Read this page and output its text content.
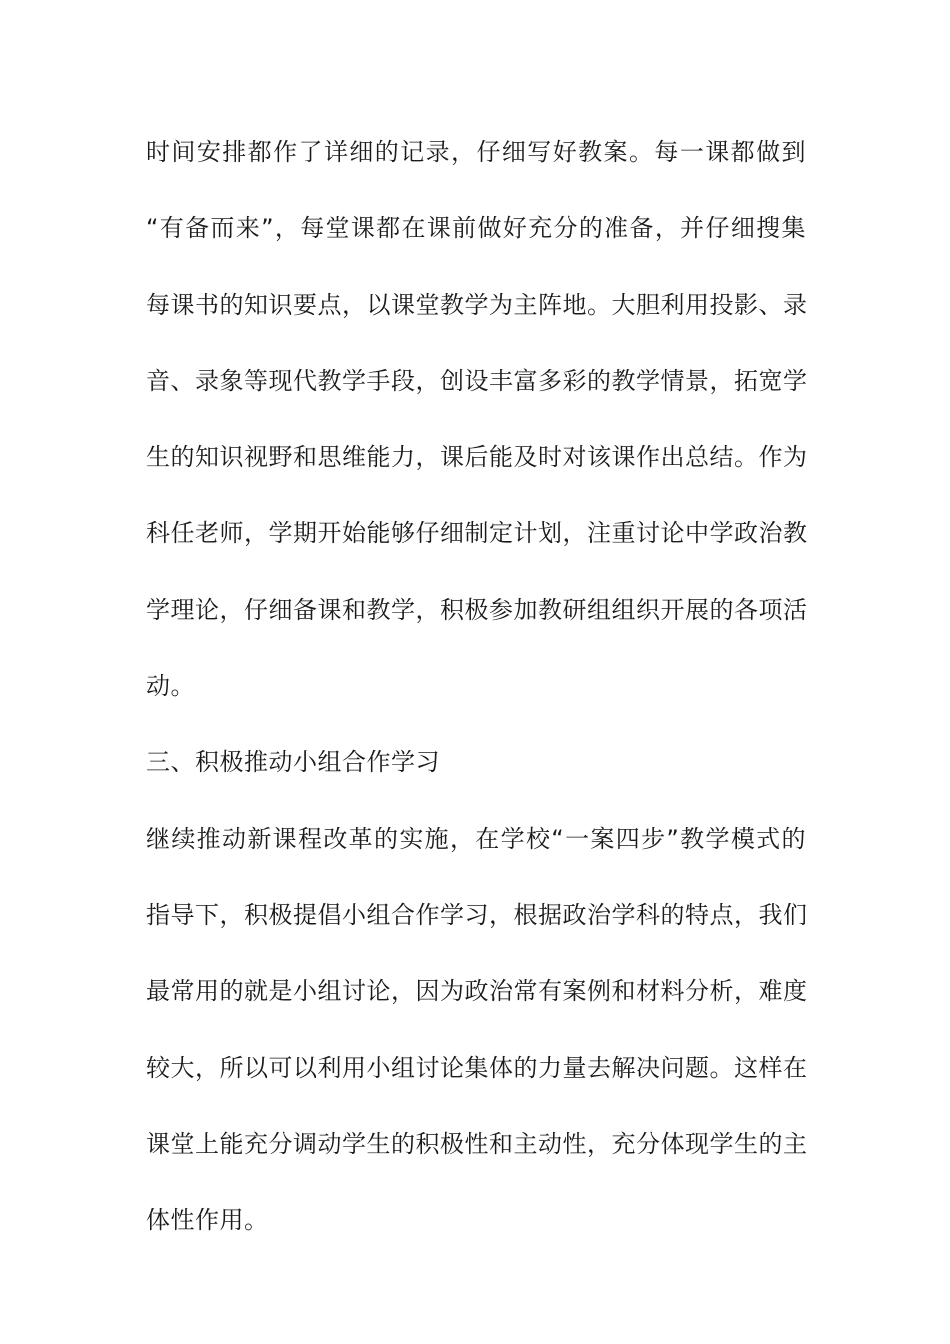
时间安排都作了详细的记录，仔细写好教案。每一课都做到
“有备而来”，每堂课都在课前做好充分的准备，并仔细搜集
每课书的知识要点，以课堂教学为主阵地。大胆利用投影、录
音、录象等现代教学手段，创设丰富多彩的教学情景，拓宽学
生的知识视野和思维能力，课后能及时对该课作出总结。作为
科任老师，学期开始能够仔细制定计划，注重讨论中学政治教
学理论，仔细备课和教学，积极参加教研组组织开展的各项活
动。
三、积极推动小组合作学习
继续推动新课程改革的实施，在学校“一案四步”教学模式的
指导下，积极提倡小组合作学习，根据政治学科的特点，我们
最常用的就是小组讨论，因为政治常有案例和材料分析，难度
较大，所以可以利用小组讨论集体的力量去解决问题。这样在
课堂上能充分调动学生的积极性和主动性，充分体现学生的主
体性作用。
